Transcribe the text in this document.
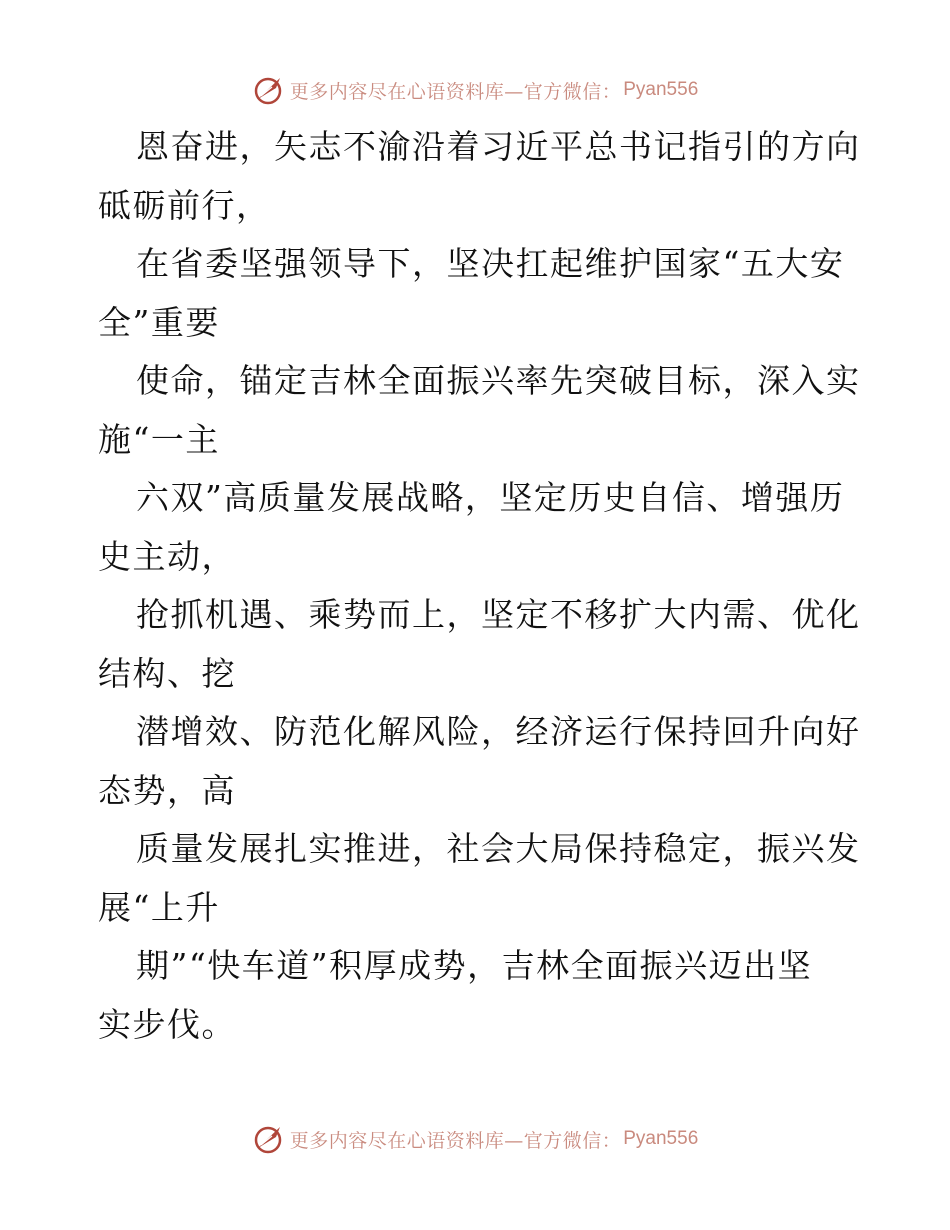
更多内容尽在心语资料库—官方微信： Pyan556
恩奋进，矢志不渝沿着习近平总书记指引的方向
砥砺前行，
在省委坚强领导下，坚决扛起维护国家“五大安
全”重要
使命，锚定吉林全面振兴率先突破目标，深入实
施“一主
六双”高质量发展战略，坚定历史自信、增强历
史主动，
抢抓机遇、乘势而上，坚定不移扩大内需、优化
结构、挖
潜增效、防范化解风险，经济运行保持回升向好
态势，高
质量发展扎实推进，社会大局保持稳定，振兴发
展“上升
期”“快车道”积厚成势，吉林全面振兴迈出坚
实步伐。
更多内容尽在心语资料库—官方微信： Pyan556
